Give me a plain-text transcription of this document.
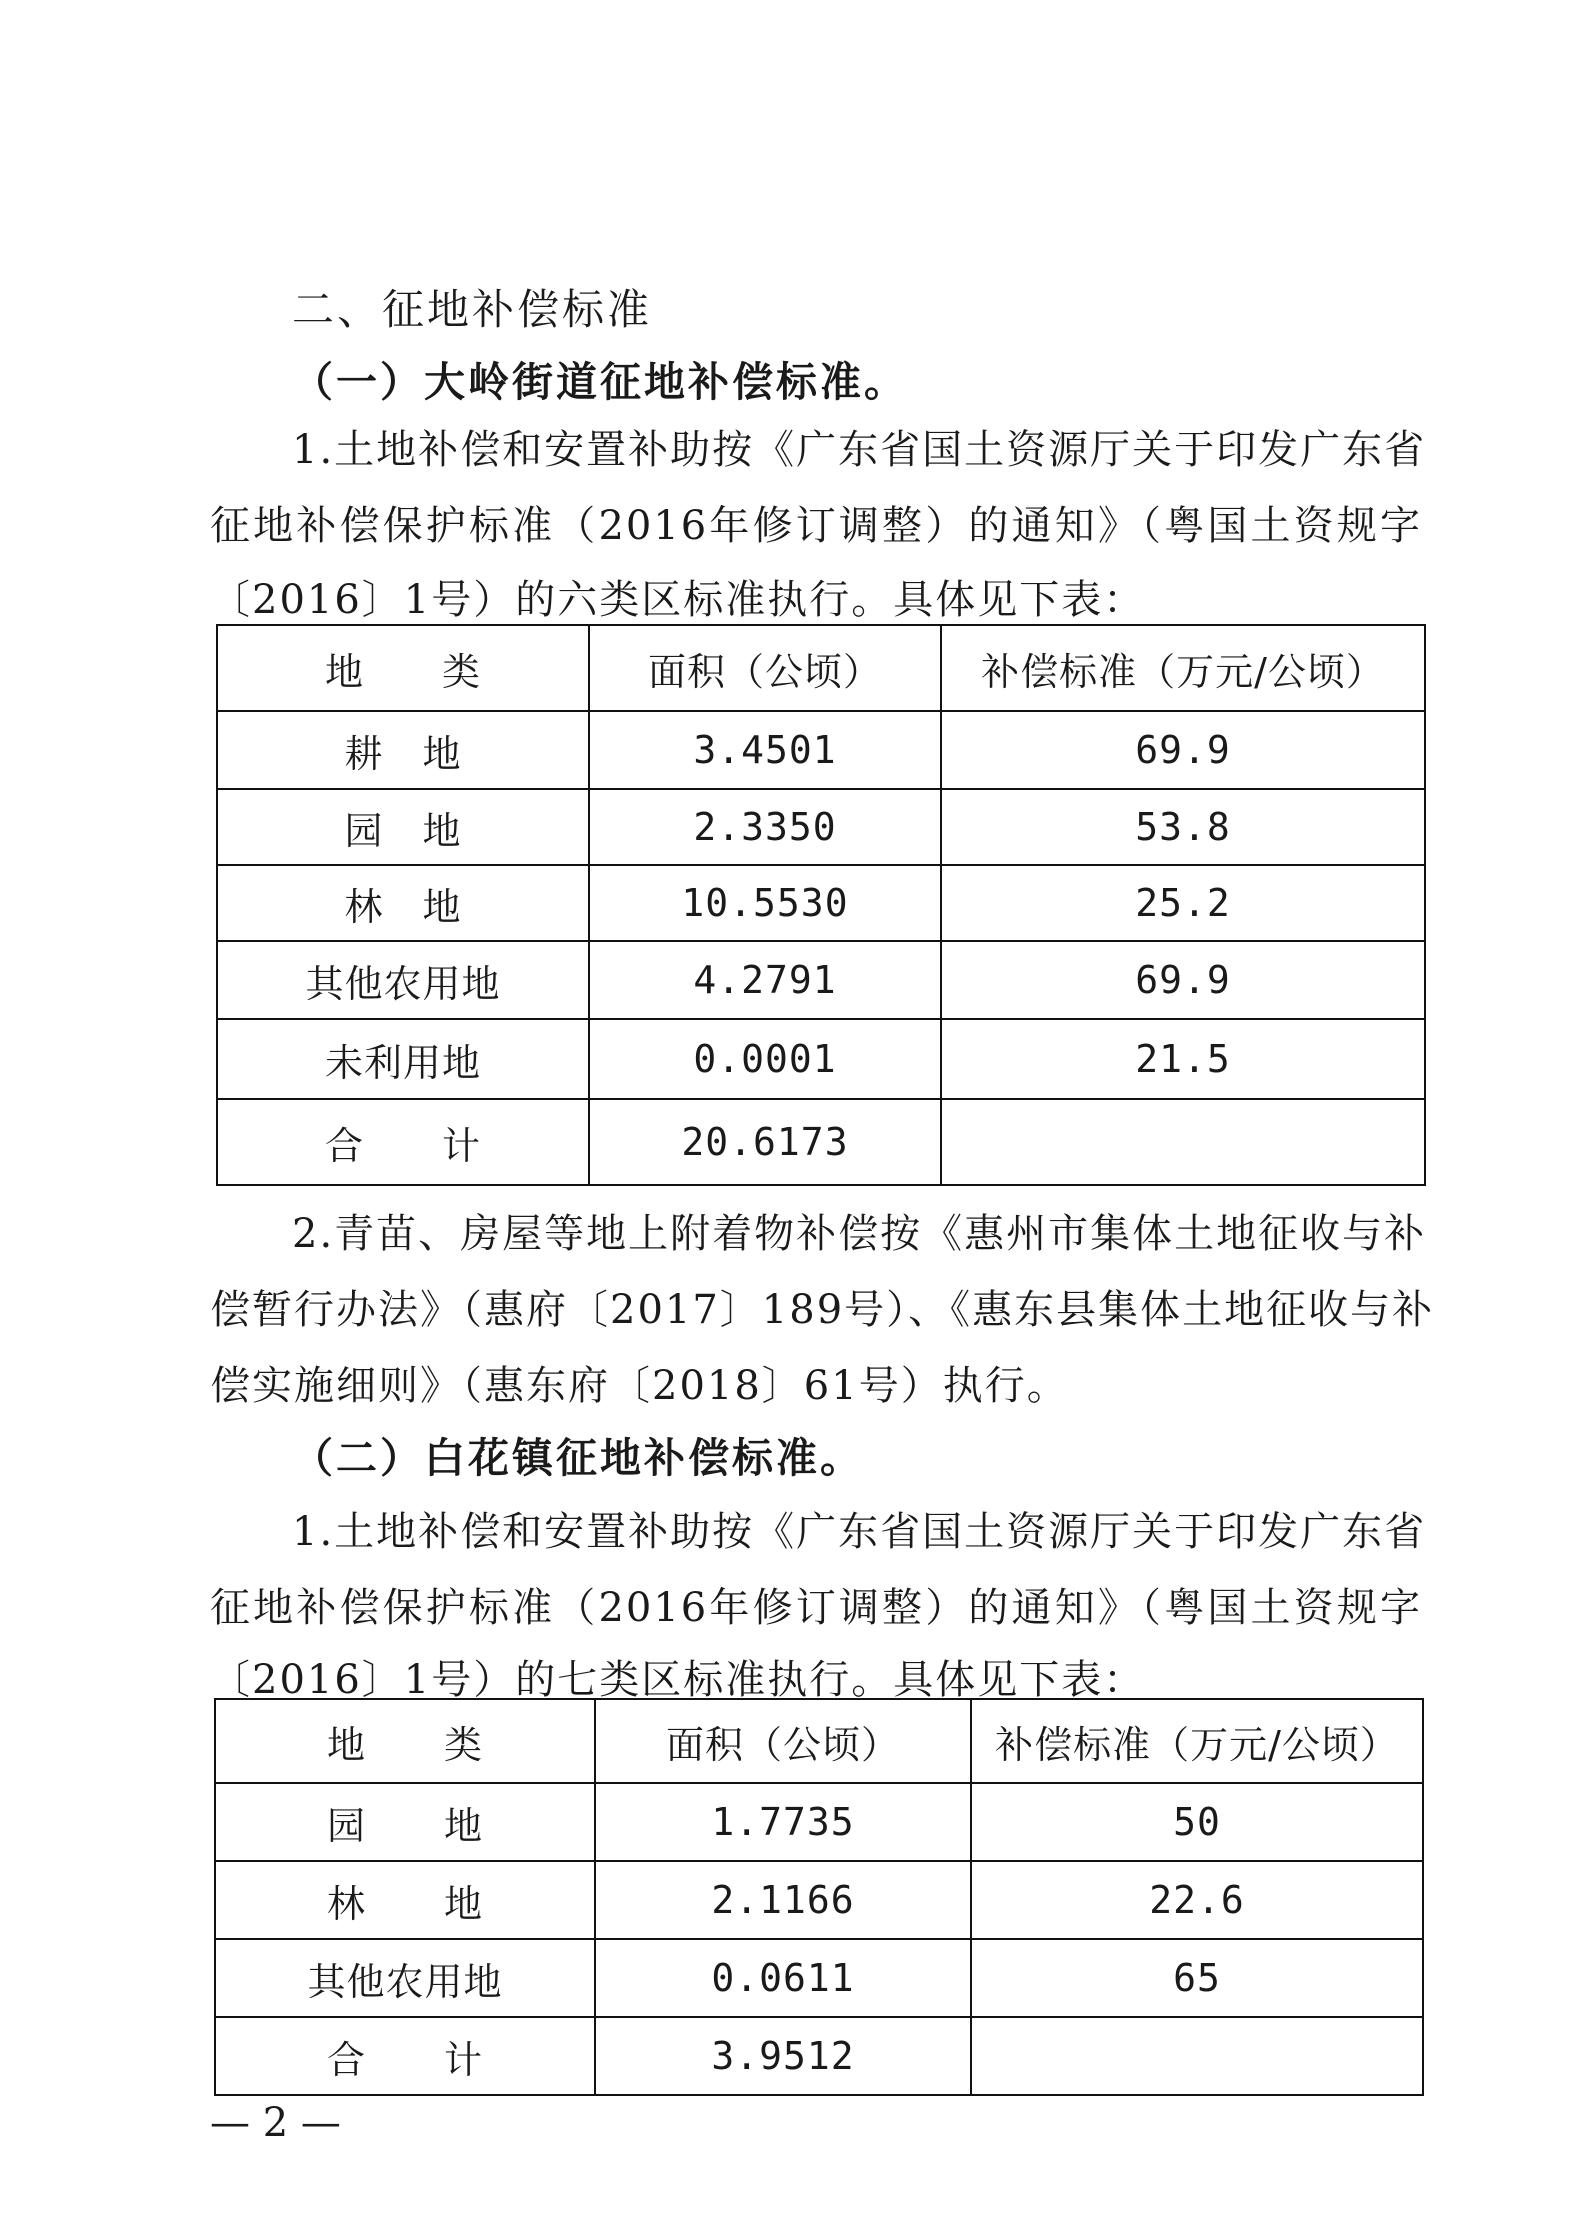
二、征地补偿标准
（一）大岭街道征地补偿标准。
1.土地补偿和安置补助按《广东省国土资源厅关于印发广东省
征地补偿保护标准（2016年修订调整）的通知》（粤国土资规字
〔2016〕1号）的六类区标准执行。具体见下表：
地　　类	面积（公顷）	补偿标准（万元/公顷）
耕　地	3.4501	69.9
园　地	2.3350	53.8
林　地	10.5530	25.2
其他农用地	4.2791	69.9
未利用地	0.0001	21.5
合　　计	20.6173	
2.青苗、房屋等地上附着物补偿按《惠州市集体土地征收与补
偿暂行办法》（惠府〔2017〕189号）、《惠东县集体土地征收与补
偿实施细则》（惠东府〔2018〕61号）执行。
（二）白花镇征地补偿标准。
1.土地补偿和安置补助按《广东省国土资源厅关于印发广东省
征地补偿保护标准（2016年修订调整）的通知》（粤国土资规字
〔2016〕1号）的七类区标准执行。具体见下表：
地　　类	面积（公顷）	补偿标准（万元/公顷）
园　　地	1.7735	50
林　　地	2.1166	22.6
其他农用地	0.0611	65
合　　计	3.9512	
— 2 —
